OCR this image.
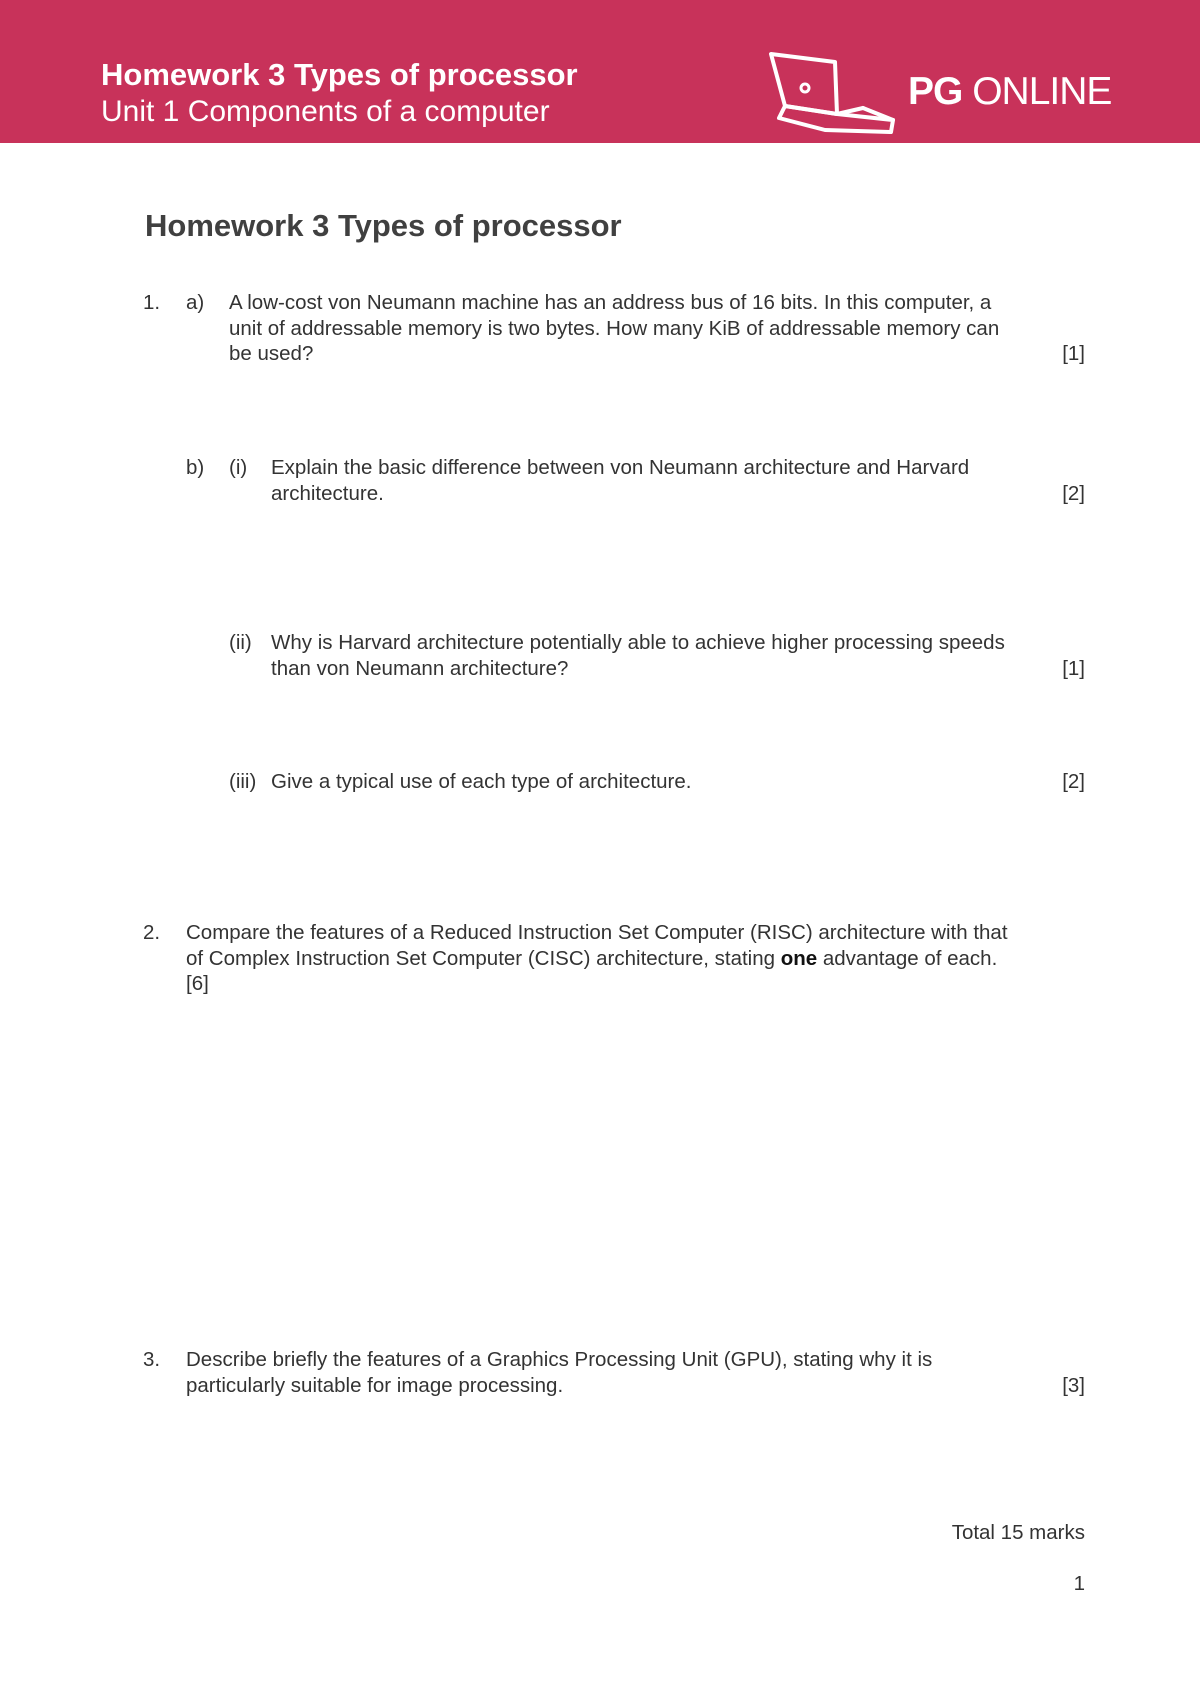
Homework 3 Types of processor
Unit 1 Components of a computer	PG ONLINE
Homework 3 Types of processor
1. a) A low-cost von Neumann machine has an address bus of 16 bits. In this computer, a
unit of addressable memory is two bytes. How many KiB of addressable memory can
be used?	[1]
b) (i) Explain the basic difference between von Neumann architecture and Harvard
architecture.	[2]
(ii) Why is Harvard architecture potentially able to achieve higher processing speeds
than von Neumann architecture?	[1]
(iii) Give a typical use of each type of architecture.	[2]
2. Compare the features of a Reduced Instruction Set Computer (RISC) architecture with that
of Complex Instruction Set Computer (CISC) architecture, stating one advantage of each.
[6]
3. Describe briefly the features of a Graphics Processing Unit (GPU), stating why it is
particularly suitable for image processing.	[3]
Total 15 marks
1
